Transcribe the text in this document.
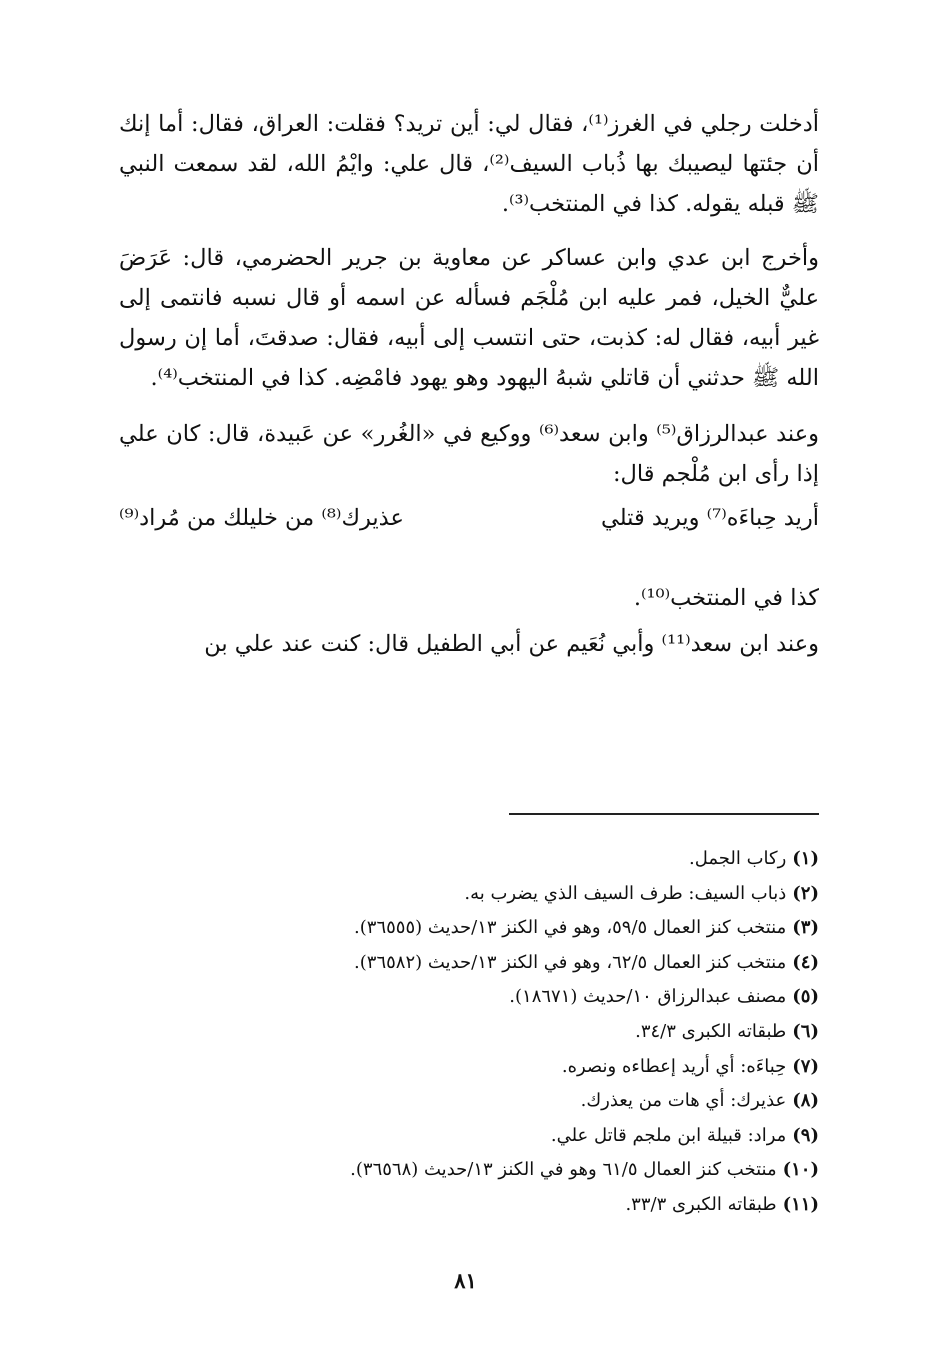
أدخلت رجلي في الغرز⁽¹⁾، فقال لي: أين تريد؟ فقلت: العراق، فقال: أما إنك أن جئتها ليصيبك بها ذُباب السيف⁽²⁾، قال علي: وايْمُ الله، لقد سمعت النبي ﷺ قبله يقوله. كذا في المنتخب⁽³⁾.

وأخرج ابن عدي وابن عساكر عن معاوية بن جرير الحضرمي، قال: عَرَضَ عليٌّ الخيل، فمر عليه ابن مُلْجَم فسأله عن اسمه أو قال نسبه فانتمى إلى غير أبيه، فقال له: كذبت، حتى انتسب إلى أبيه، فقال: صدقتَ، أما إن رسول الله ﷺ حدثني أن قاتلي شبهُ اليهود وهو يهود فامْضِه. كذا في المنتخب⁽⁴⁾.

وعند عبدالرزاق⁽⁵⁾ وابن سعد⁽⁶⁾ ووكيع في «الغُرر» عن عَبيدة، قال: كان علي إذا رأى ابن مُلْجم قال:

أريد حِباءَه⁽⁷⁾ ويريد قتلي
عذيرك⁽⁸⁾ من خليلك من مُراد⁽⁹⁾

كذا في المنتخب⁽¹⁰⁾.

وعند ابن سعد⁽¹¹⁾ وأبي نُعَيم عن أبي الطفيل قال: كنت عند علي بن

(١)ركاب الجمل.
(٢)ذباب السيف: طرف السيف الذي يضرب به.
(٣)منتخب كنز العمال ٥٩/٥، وهو في الكنز ١٣/حديث (٣٦٥٥٥).
(٤)منتخب كنز العمال ٦٢/٥، وهو في الكنز ١٣/حديث (٣٦٥٨٢).
(٥)مصنف عبدالرزاق ١٠/حديث (١٨٦٧١).
(٦)طبقاته الكبرى ٣٤/٣.
(٧)حِباءَه: أي أريد إعطاءه ونصره.
(٨)عذيرك: أي هات من يعذرك.
(٩)مراد: قبيلة ابن ملجم قاتل علي.
(١٠)منتخب كنز العمال ٦١/٥ وهو في الكنز ١٣/حديث (٣٦٥٦٨).
(١١)طبقاته الكبرى ٣٣/٣.
٨١
